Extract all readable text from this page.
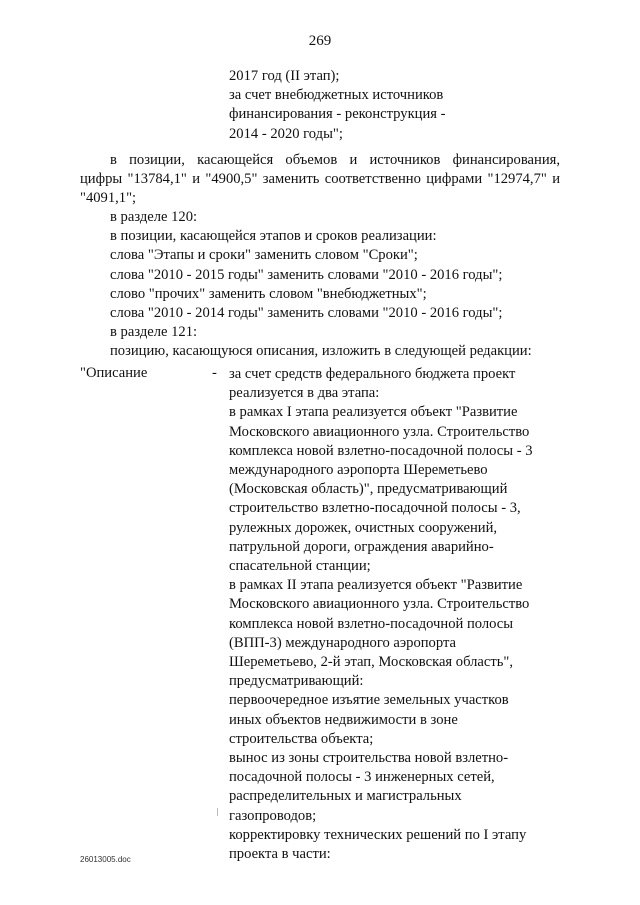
269
2017 год (II этап);
за счет внебюджетных источников
финансирования - реконструкция -
2014 - 2020 годы";
в позиции, касающейся объемов и источников финансирования,
цифры "13784,1" и "4900,5" заменить соответственно цифрами "12974,7" и
"4091,1";
в разделе 120:
в позиции, касающейся этапов и сроков реализации:
слова "Этапы и сроки" заменить словом "Сроки";
слова "2010 - 2015 годы" заменить словами "2010 - 2016 годы";
слово "прочих" заменить словом "внебюджетных";
слова "2010 - 2014 годы" заменить словами "2010 - 2016 годы";
в разделе 121:
позицию, касающуюся описания, изложить в следующей редакции:
"Описание	- за счет средств федерального бюджета проект
реализуется в два этапа:
в рамках I этапа реализуется объект "Развитие
Московского авиационного узла. Строительство
комплекса новой взлетно-посадочной полосы - 3
международного аэропорта Шереметьево
(Московская область)", предусматривающий
строительство взлетно-посадочной полосы - 3,
рулежных дорожек, очистных сооружений,
патрульной дороги, ограждения аварийно-
спасательной станции;
в рамках II этапа реализуется объект "Развитие
Московского авиационного узла. Строительство
комплекса новой взлетно-посадочной полосы
(ВПП-3) международного аэропорта
Шереметьево, 2-й этап, Московская область",
предусматривающий:
первоочередное изъятие земельных участков
иных объектов недвижимости в зоне
строительства объекта;
вынос из зоны строительства новой взлетно-
посадочной полосы - 3 инженерных сетей,
распределительных и магистральных
газопроводов;
корректировку технических решений по I этапу
проекта в части:
26013005.doc
